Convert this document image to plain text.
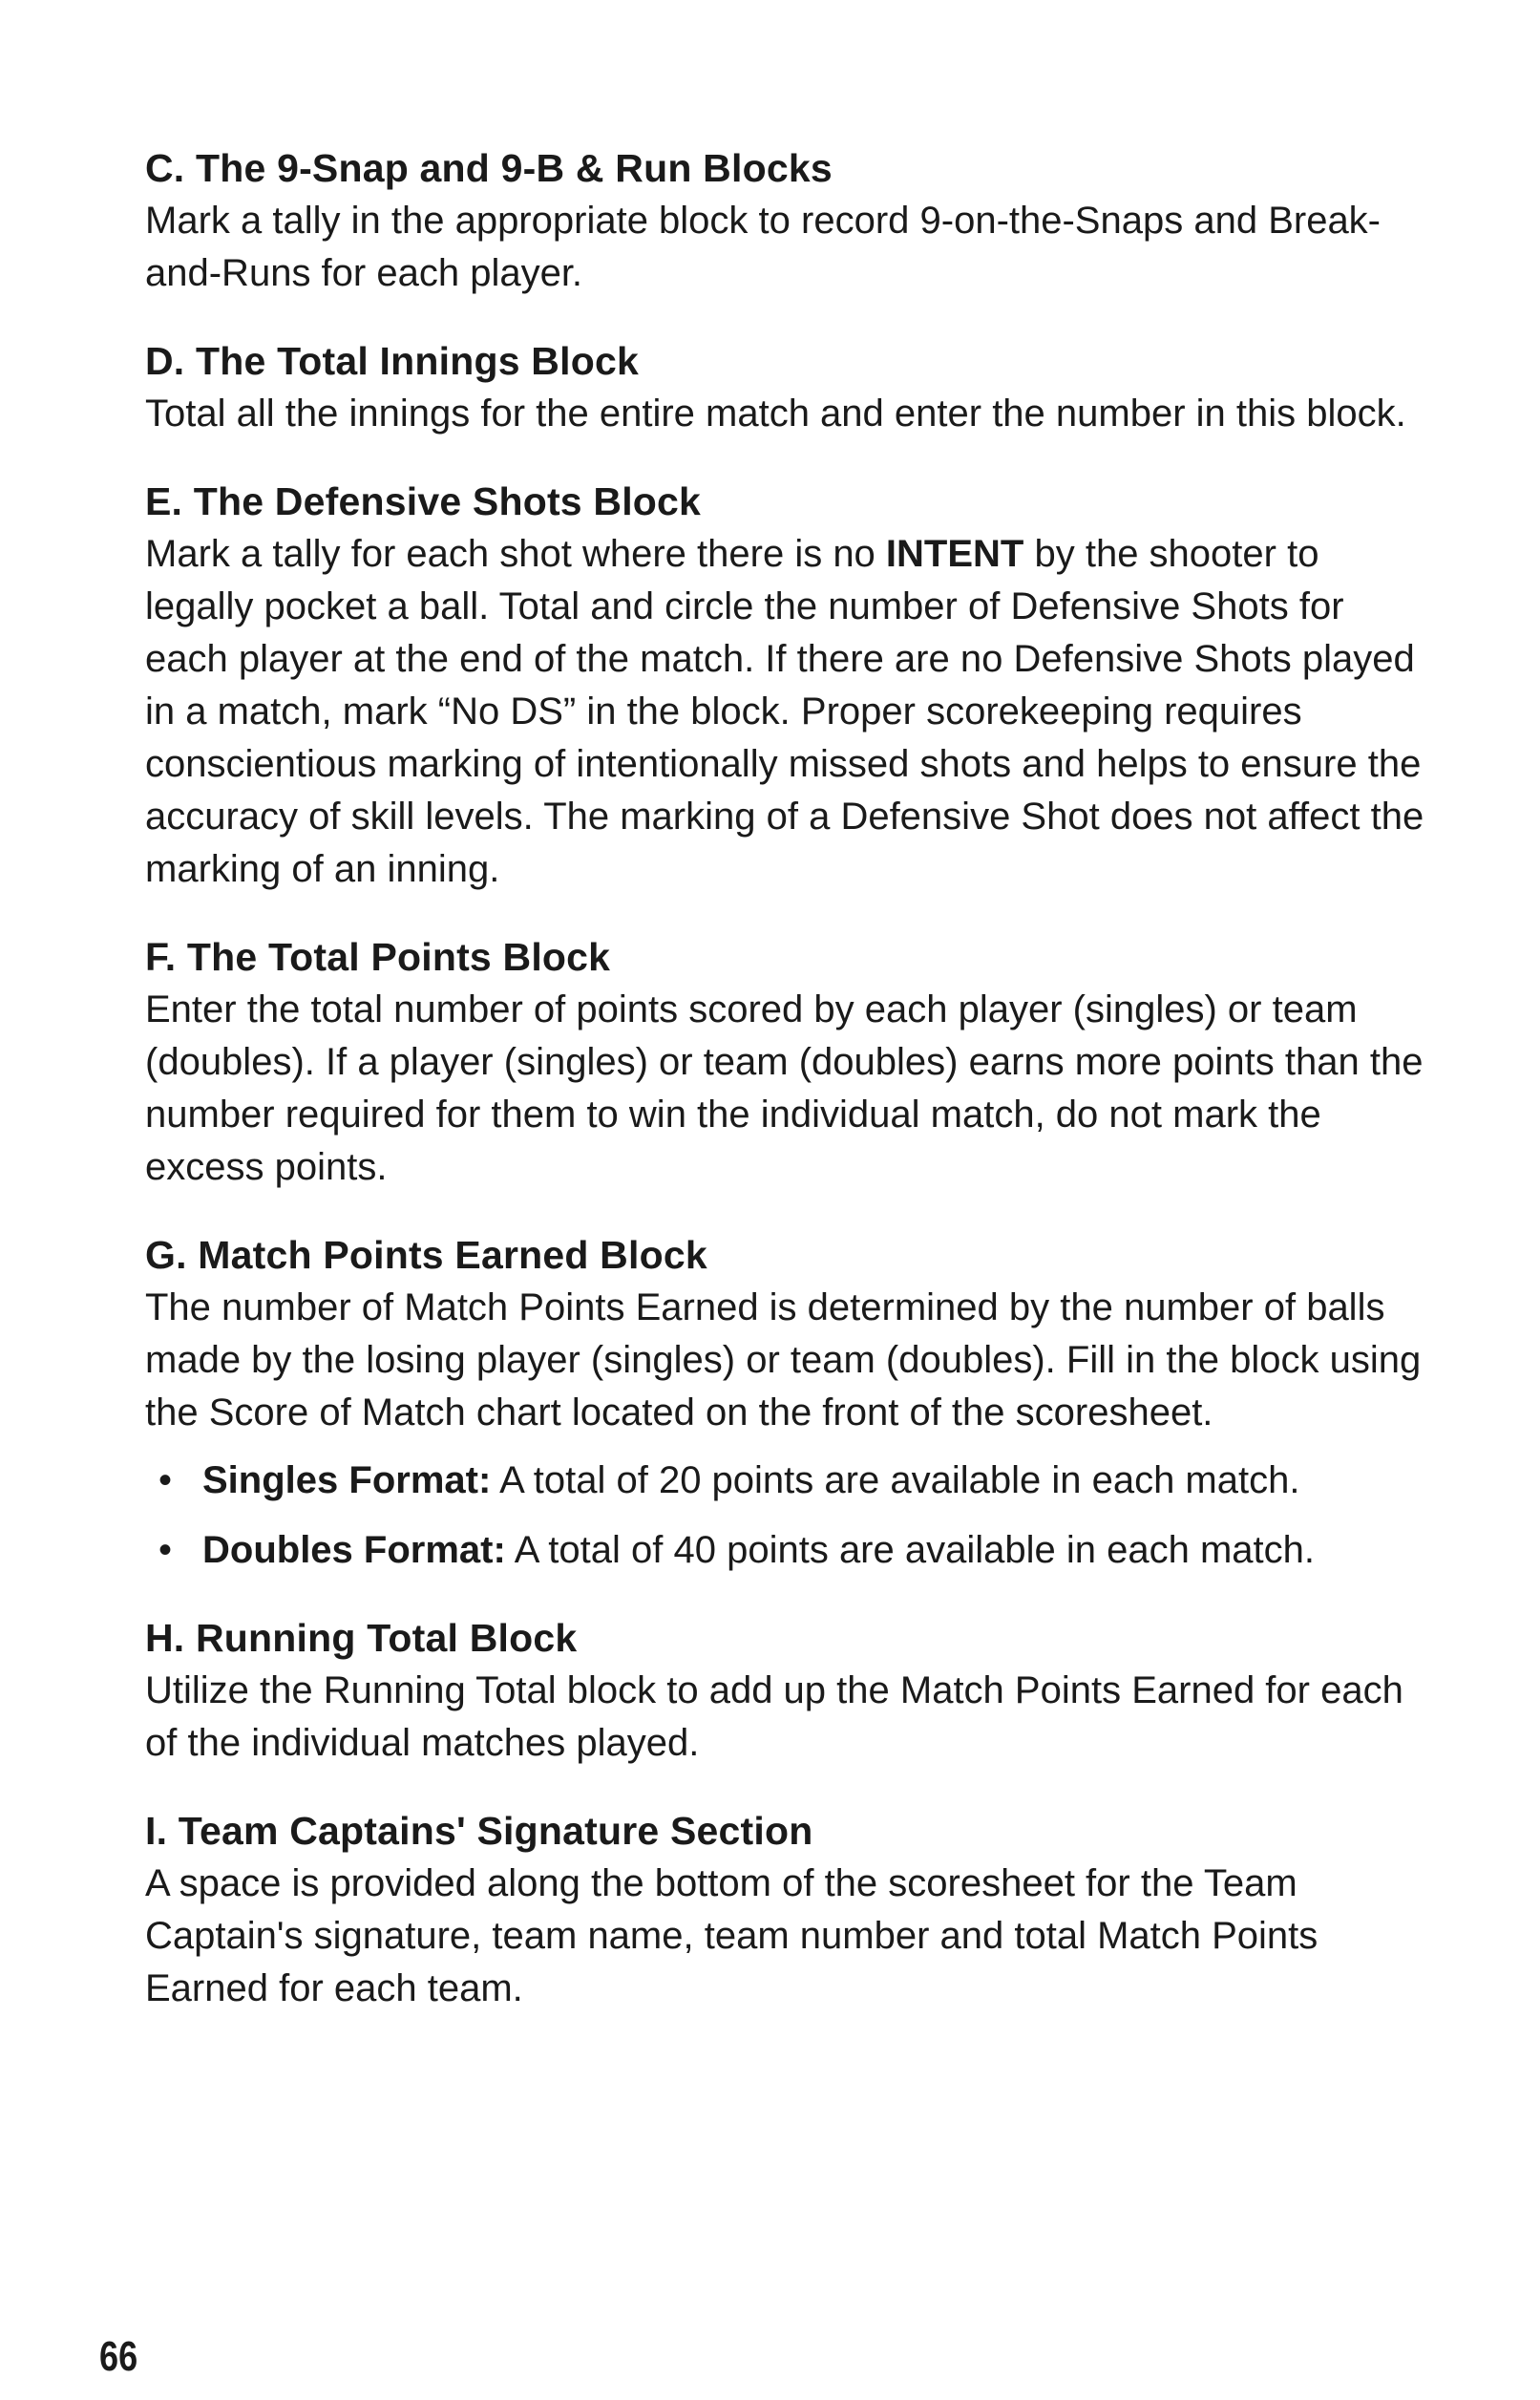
C. The 9-Snap and 9-B & Run Blocks

Mark a tally in the appropriate block to record 9-on-the-Snaps and Break-and-Runs for each player.

D. The Total Innings Block

Total all the innings for the entire match and enter the number in this block.

E. The Defensive Shots Block

Mark a tally for each shot where there is no INTENT by the shooter to legally pocket a ball. Total and circle the number of Defensive Shots for each player at the end of the match. If there are no Defensive Shots played in a match, mark “No DS” in the block. Proper scorekeeping requires conscientious marking of intentionally missed shots and helps to ensure the accuracy of skill levels. The marking of a Defensive Shot does not affect the marking of an inning.

F. The Total Points Block

Enter the total number of points scored by each player (singles) or team (doubles). If a player (singles) or team (doubles) earns more points than the number required for them to win the individual match, do not mark the excess points.

G. Match Points Earned Block

The number of Match Points Earned is determined by the number of balls made by the losing player (singles) or team (doubles). Fill in the block using the Score of Match chart located on the front of the scoresheet.

• Singles Format: A total of 20 points are available in each match.
• Doubles Format: A total of 40 points are available in each match.
H. Running Total Block

Utilize the Running Total block to add up the Match Points Earned for each of the individual matches played.

I. Team Captains' Signature Section

A space is provided along the bottom of the scoresheet for the Team Captain's signature, team name, team number and total Match Points Earned for each team.

66
